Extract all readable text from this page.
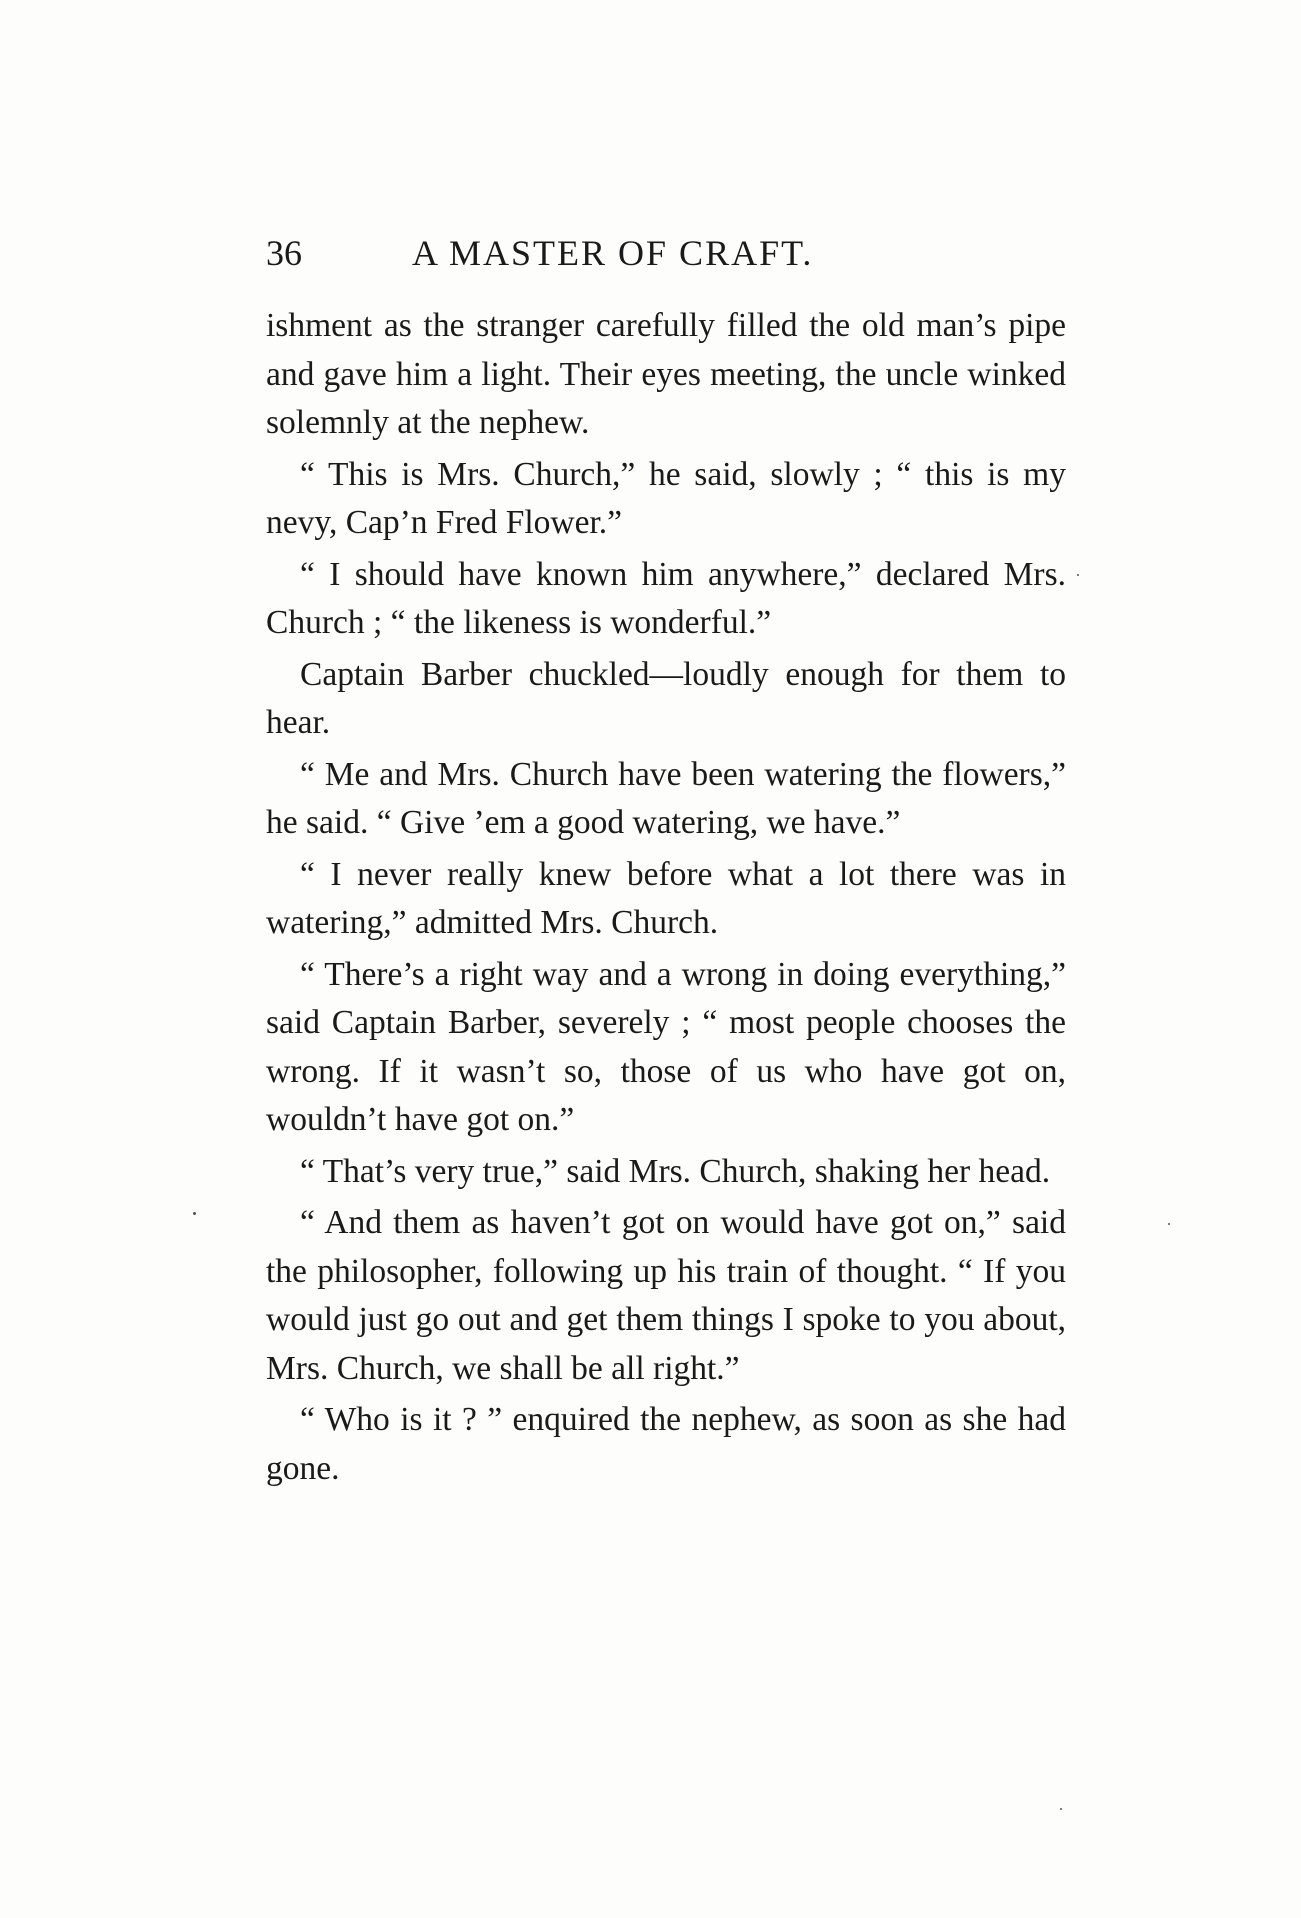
36	A MASTER OF CRAFT.

ishment as the stranger carefully filled the old man’s pipe and gave him a light. Their eyes meeting, the uncle winked solemnly at the nephew.

“ This is Mrs. Church,” he said, slowly ; “ this is my nevy, Cap’n Fred Flower.”

“ I should have known him anywhere,” declared Mrs. Church ; “ the likeness is wonderful.”

Captain Barber chuckled—loudly enough for them to hear.

“ Me and Mrs. Church have been watering the flowers,” he said. “ Give ’em a good watering, we have.”

“ I never really knew before what a lot there was in watering,” admitted Mrs. Church.

“ There’s a right way and a wrong in doing everything,” said Captain Barber, severely ; “ most people chooses the wrong. If it wasn’t so, those of us who have got on, wouldn’t have got on.”

“ That’s very true,” said Mrs. Church, shaking her head.

“ And them as haven’t got on would have got on,” said the philosopher, following up his train of thought. “ If you would just go out and get them things I spoke to you about, Mrs. Church, we shall be all right.”

“ Who is it ? ” enquired the nephew, as soon as she had gone.
